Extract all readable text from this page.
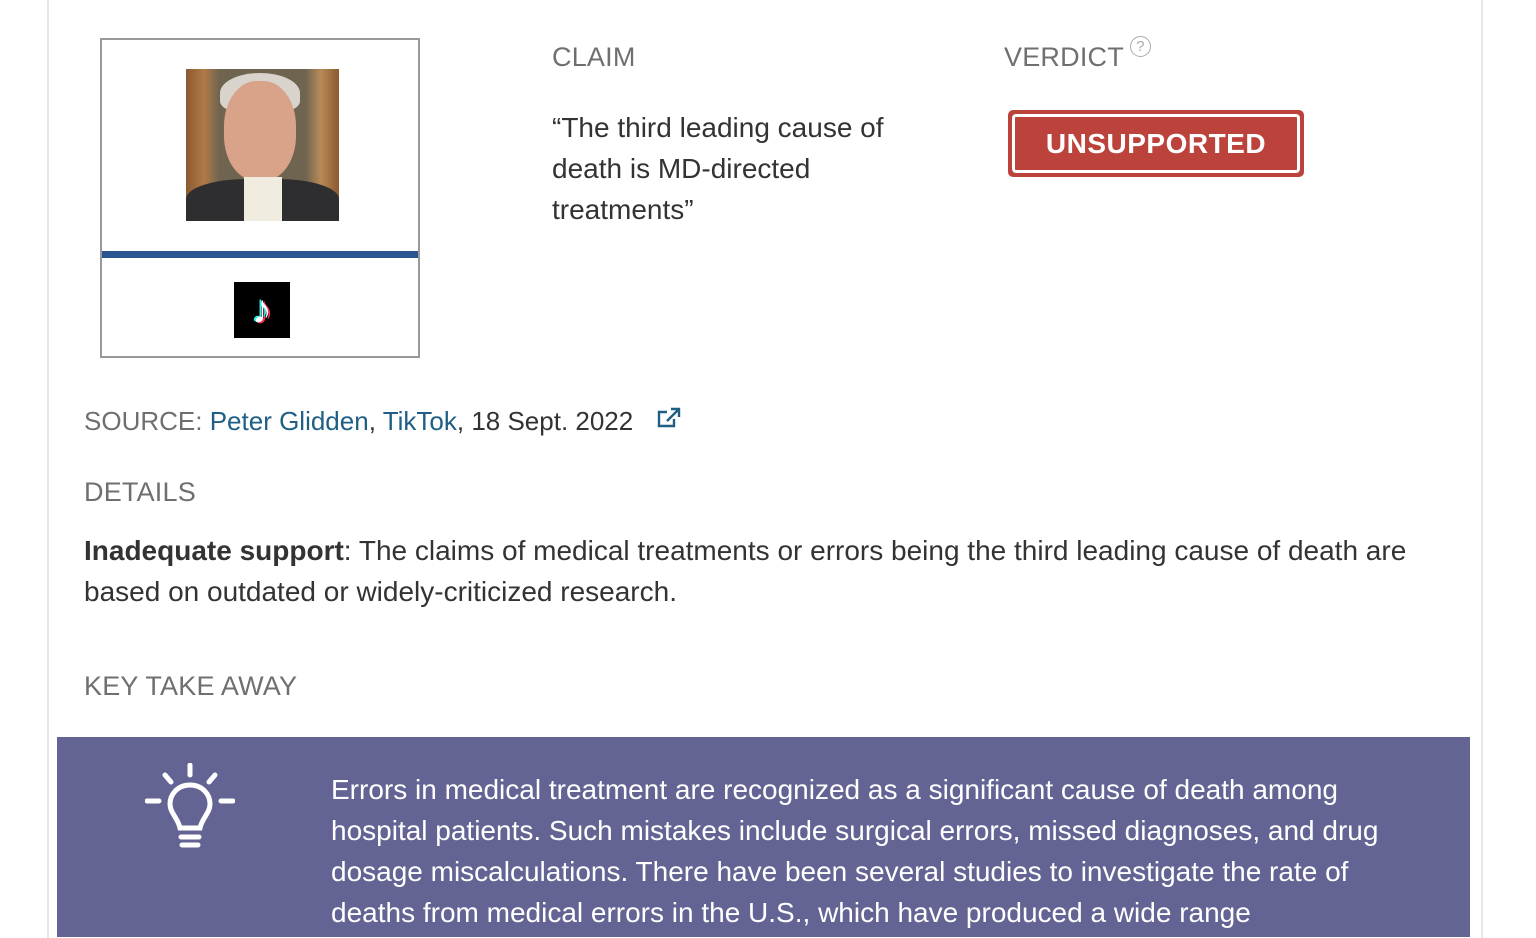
♪
CLAIM
“The third leading cause of death is MD-directed treatments”
VERDICT ?
UNSUPPORTED
SOURCE: Peter Glidden, TikTok, 18 Sept. 2022
DETAILS
Inadequate support: The claims of medical treatments or errors being the third leading cause of death are based on outdated or widely-criticized research.
KEY TAKE AWAY
Errors in medical treatment are recognized as a significant cause of death among hospital patients. Such mistakes include surgical errors, missed diagnoses, and drug dosage miscalculations. There have been several studies to investigate the rate of deaths from medical errors in the U.S., which have produced a wide range
